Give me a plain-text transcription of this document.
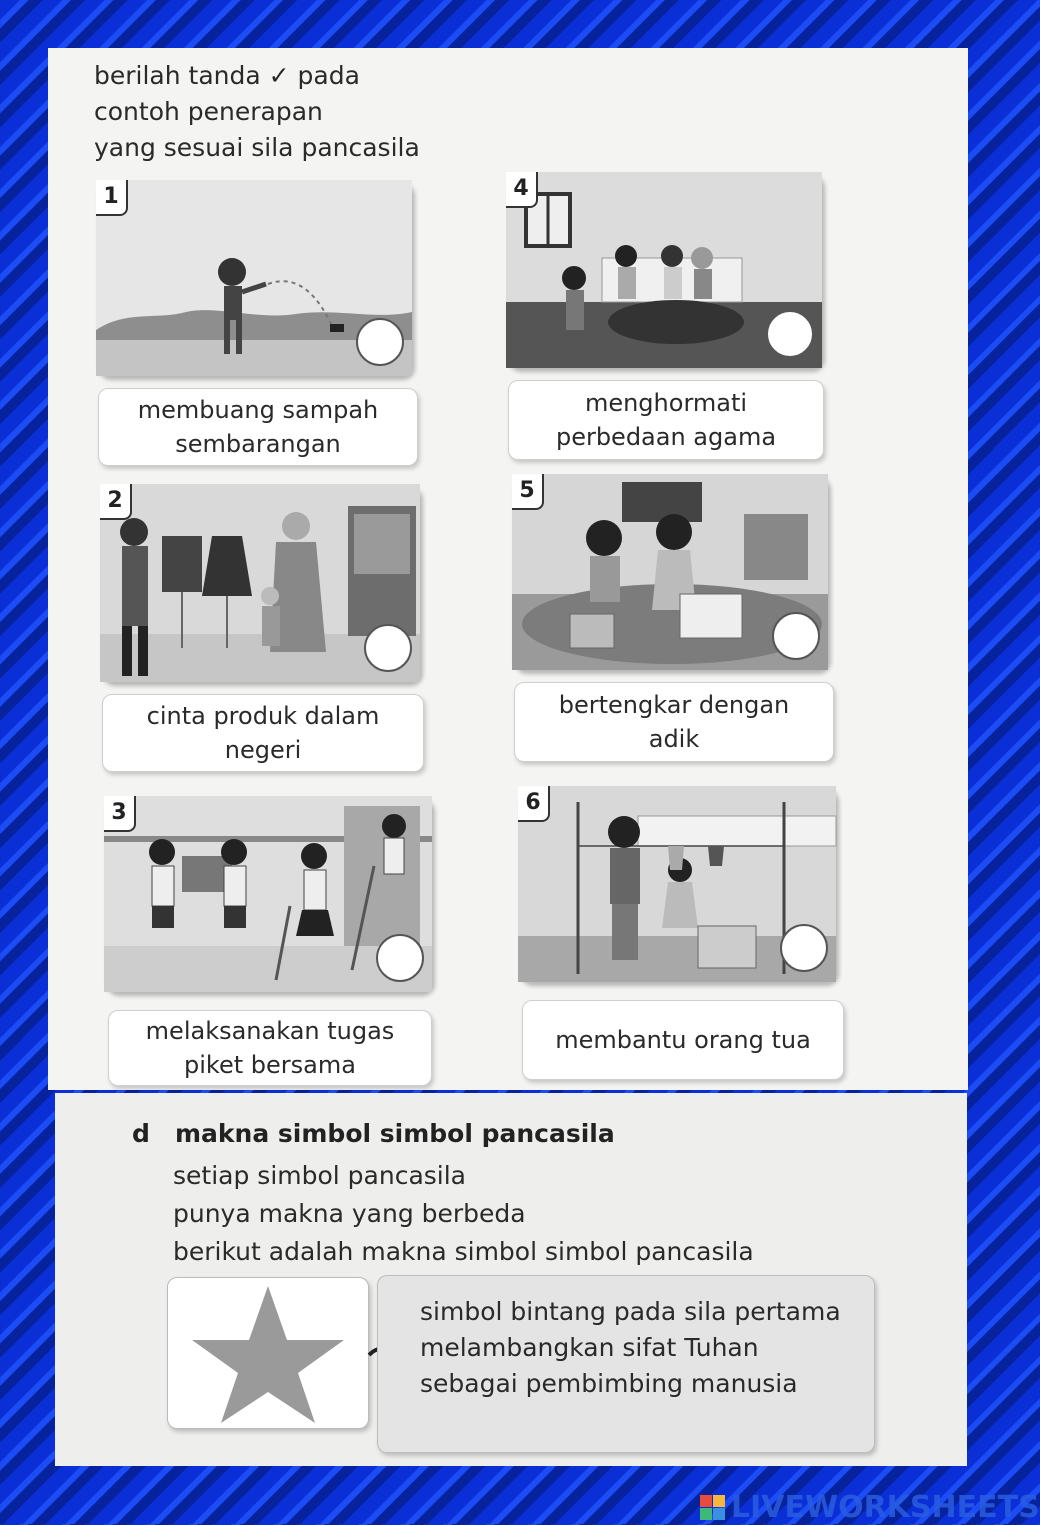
berilah tanda ✓ pada
contoh penerapan
yang sesuai sila pancasila
1
membuang sampah
sembarangan
2
cinta produk dalam
negeri
3
melaksanakan tugas
piket bersama
4
menghormati
perbedaan agama
5
bertengkar dengan
adik
6
membantu orang tua
d makna simbol simbol pancasila
setiap simbol pancasila
punya makna yang berbeda
berikut adalah makna simbol simbol pancasila
simbol bintang pada sila pertama
melambangkan sifat Tuhan
sebagai pembimbing manusia
LIVEWORKSHEETS
